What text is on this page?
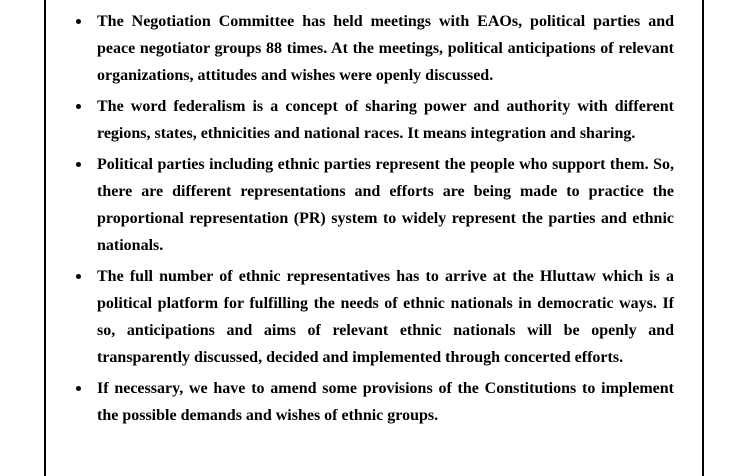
The Negotiation Committee has held meetings with EAOs, political parties and peace negotiator groups 88 times. At the meetings, political anticipations of relevant organizations, attitudes and wishes were openly discussed.
The word federalism is a concept of sharing power and authority with different regions, states, ethnicities and national races. It means integration and sharing.
Political parties including ethnic parties represent the people who support them. So, there are different representations and efforts are being made to practice the proportional representation (PR) system to widely represent the parties and ethnic nationals.
The full number of ethnic representatives has to arrive at the Hluttaw which is a political platform for fulfilling the needs of ethnic nationals in democratic ways. If so, anticipations and aims of relevant ethnic nationals will be openly and transparently discussed, decided and implemented through concerted efforts.
If necessary, we have to amend some provisions of the Constitutions to implement the possible demands and wishes of ethnic groups.
